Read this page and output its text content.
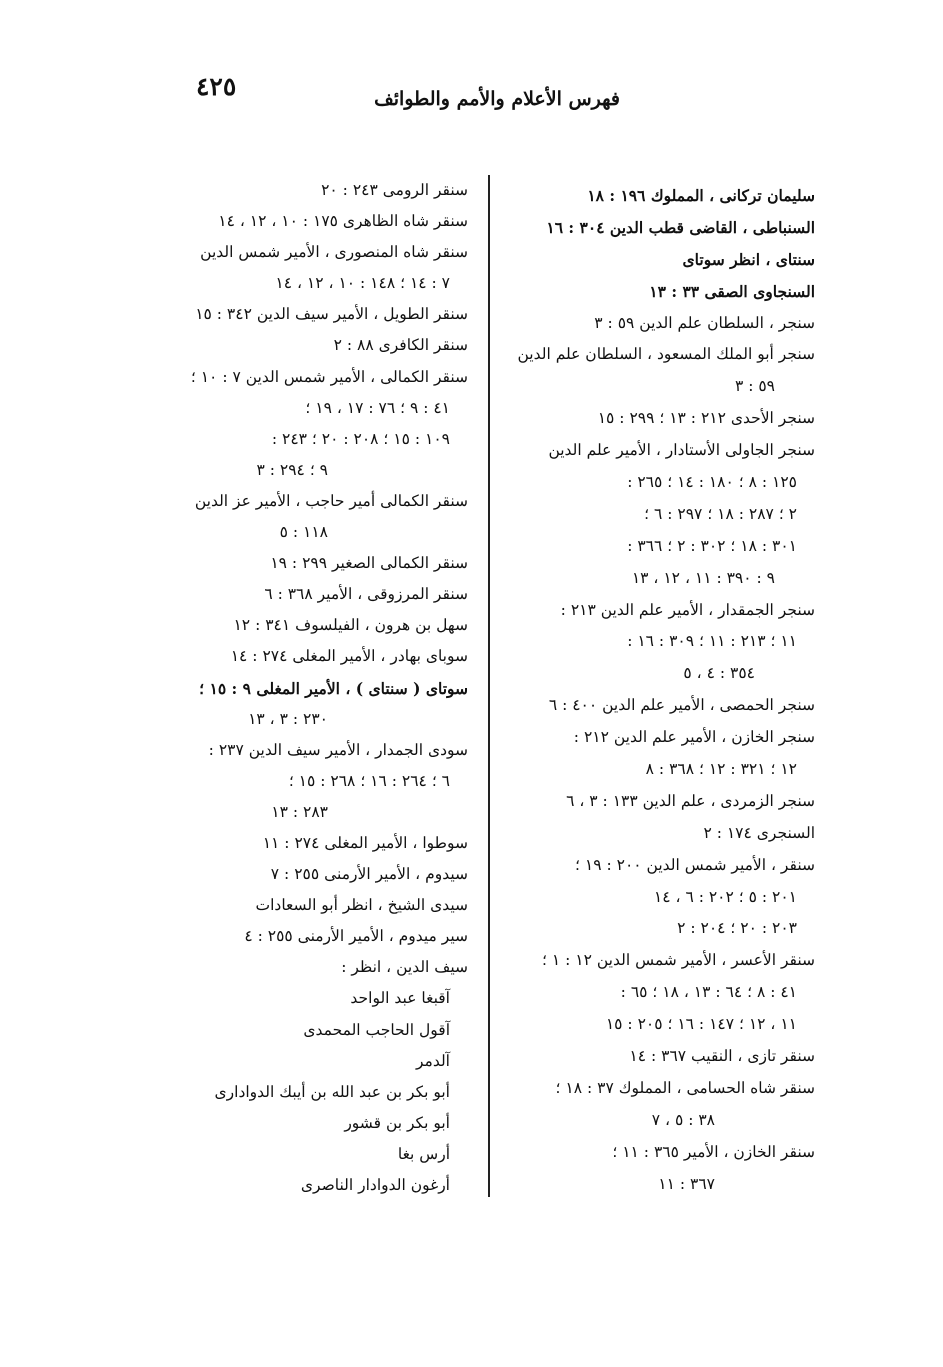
٤٢٥	فهرس الأعلام والأمم والطوائف
سليمان تركانى ، المملوك ١٩٦ : ١٨
السنباطى ، القاضى قطب الدين ٣٠٤ : ١٦
سنتاى ، انظر سوتاى
السنجاوى الصقى ٣٣ : ١٣
سنجر ، السلطان علم الدين ٥٩ : ٣
سنجر أبو الملك المسعود ، السلطان علم الدين
٥٩ : ٣
سنجر الأحدى ٢١٢ : ١٣ ؛ ٢٩٩ : ١٥
سنجر الجاولى الأستادار ، الأمير علم الدين
١٢٥ : ٨ ؛ ١٨٠ : ١٤ ؛ ٢٦٥ :
٢ ؛ ٢٨٧ : ١٨ ؛ ٢٩٧ : ٦ ؛
٣٠١ : ١٨ ؛ ٣٠٢ : ٢ ؛ ٣٦٦ :
٩ : ٣٩٠ : ١١ ، ١٢ ، ١٣
سنجر الجمقدار ، الأمير علم الدين ٢١٣ :
١١ ؛ ٢١٣ : ١١ ؛ ٣٠٩ : ١٦ :
٣٥٤ : ٤ ، ٥
سنجر الحمصى ، الأمير علم الدين ٤٠٠ : ٦
سنجر الخازن ، الأمير علم الدين ٢١٢ :
١٢ ؛ ٣٢١ : ١٢ ؛ ٣٦٨ : ٨
سنجر الزمردى ، علم الدين ١٣٣ : ٣ ، ٦
السنجرى ١٧٤ : ٢
سنقر ، الأمير شمس الدين ٢٠٠ : ١٩ ؛
٢٠١ : ٥ ؛ ٢٠٢ : ٦ ، ١٤
٢٠٣ : ٢٠ ؛ ٢٠٤ : ٢
سنقر الأعسر ، الأمير شمس الدين ١٢ : ١ ؛
٤١ : ٨ ؛ ٦٤ : ١٣ ، ١٨ ؛ ٦٥ :
١١ ، ١٢ ؛ ١٤٧ : ١٦ ؛ ٢٠٥ : ١٥
سنقر تازى ، النقيب ٣٦٧ : ١٤
سنقر شاه الحسامى ، المملوك ٣٧ : ١٨ ؛
٣٨ : ٥ ، ٧
سنقر الخازن ، الأمير ٣٦٥ : ١١ ؛
٣٦٧ : ١١
سنقر الرومى ٢٤٣ : ٢٠
سنقر شاه الظاهرى ١٧٥ : ١٠ ، ١٢ ، ١٤
سنقر شاه المنصورى ، الأمير شمس الدين
٧ : ١٤ ؛ ١٤٨ : ١٠ ، ١٢ ، ١٤
سنقر الطويل ، الأمير سيف الدين ٣٤٢ : ١٥
سنقر الكافرى ٨٨ : ٢
سنقر الكمالى ، الأمير شمس الدين ٧ : ١٠ ؛
٤١ : ٩ ؛ ٧٦ : ١٧ ، ١٩ ؛
١٠٩ : ١٥ ؛ ٢٠٨ : ٢٠ ؛ ٢٤٣ :
٩ ؛ ٢٩٤ : ٣
سنقر الكمالى أمير حاجب ، الأمير عز الدين
١١٨ : ٥
سنقر الكمالى الصغير ٢٩٩ : ١٩
سنقر المرزوقى ، الأمير ٣٦٨ : ٦
سهل بن هرون ، الفيلسوف ٣٤١ : ١٢
سوباى بهادر ، الأمير المغلى ٢٧٤ : ١٤
سوتاى ( سنتاى ) ، الأمير المغلى ٩ : ١٥ ؛
٢٣٠ : ٣ ، ١٣
سودى الجمدار ، الأمير سيف الدين ٢٣٧ :
٦ ؛ ٢٦٤ : ١٦ ؛ ٢٦٨ : ١٥ ؛
٢٨٣ : ١٣
سوطوا ، الأمير المغلى ٢٧٤ : ١١
سيدوم ، الأمير الأرمنى ٢٥٥ : ٧
سيدى الشيخ ، انظر أبو السعادات
سير ميدوم ، الأمير الأرمنى ٢٥٥ : ٤
سيف الدين ، انظر :
آقبغا عبد الواحد
آقول الحاجب المحمدى
آلدمر
أبو بكر بن عبد الله بن أيبك الدوادارى
أبو بكر بن قشور
أرس بغا
أرغون الدوادار الناصرى
